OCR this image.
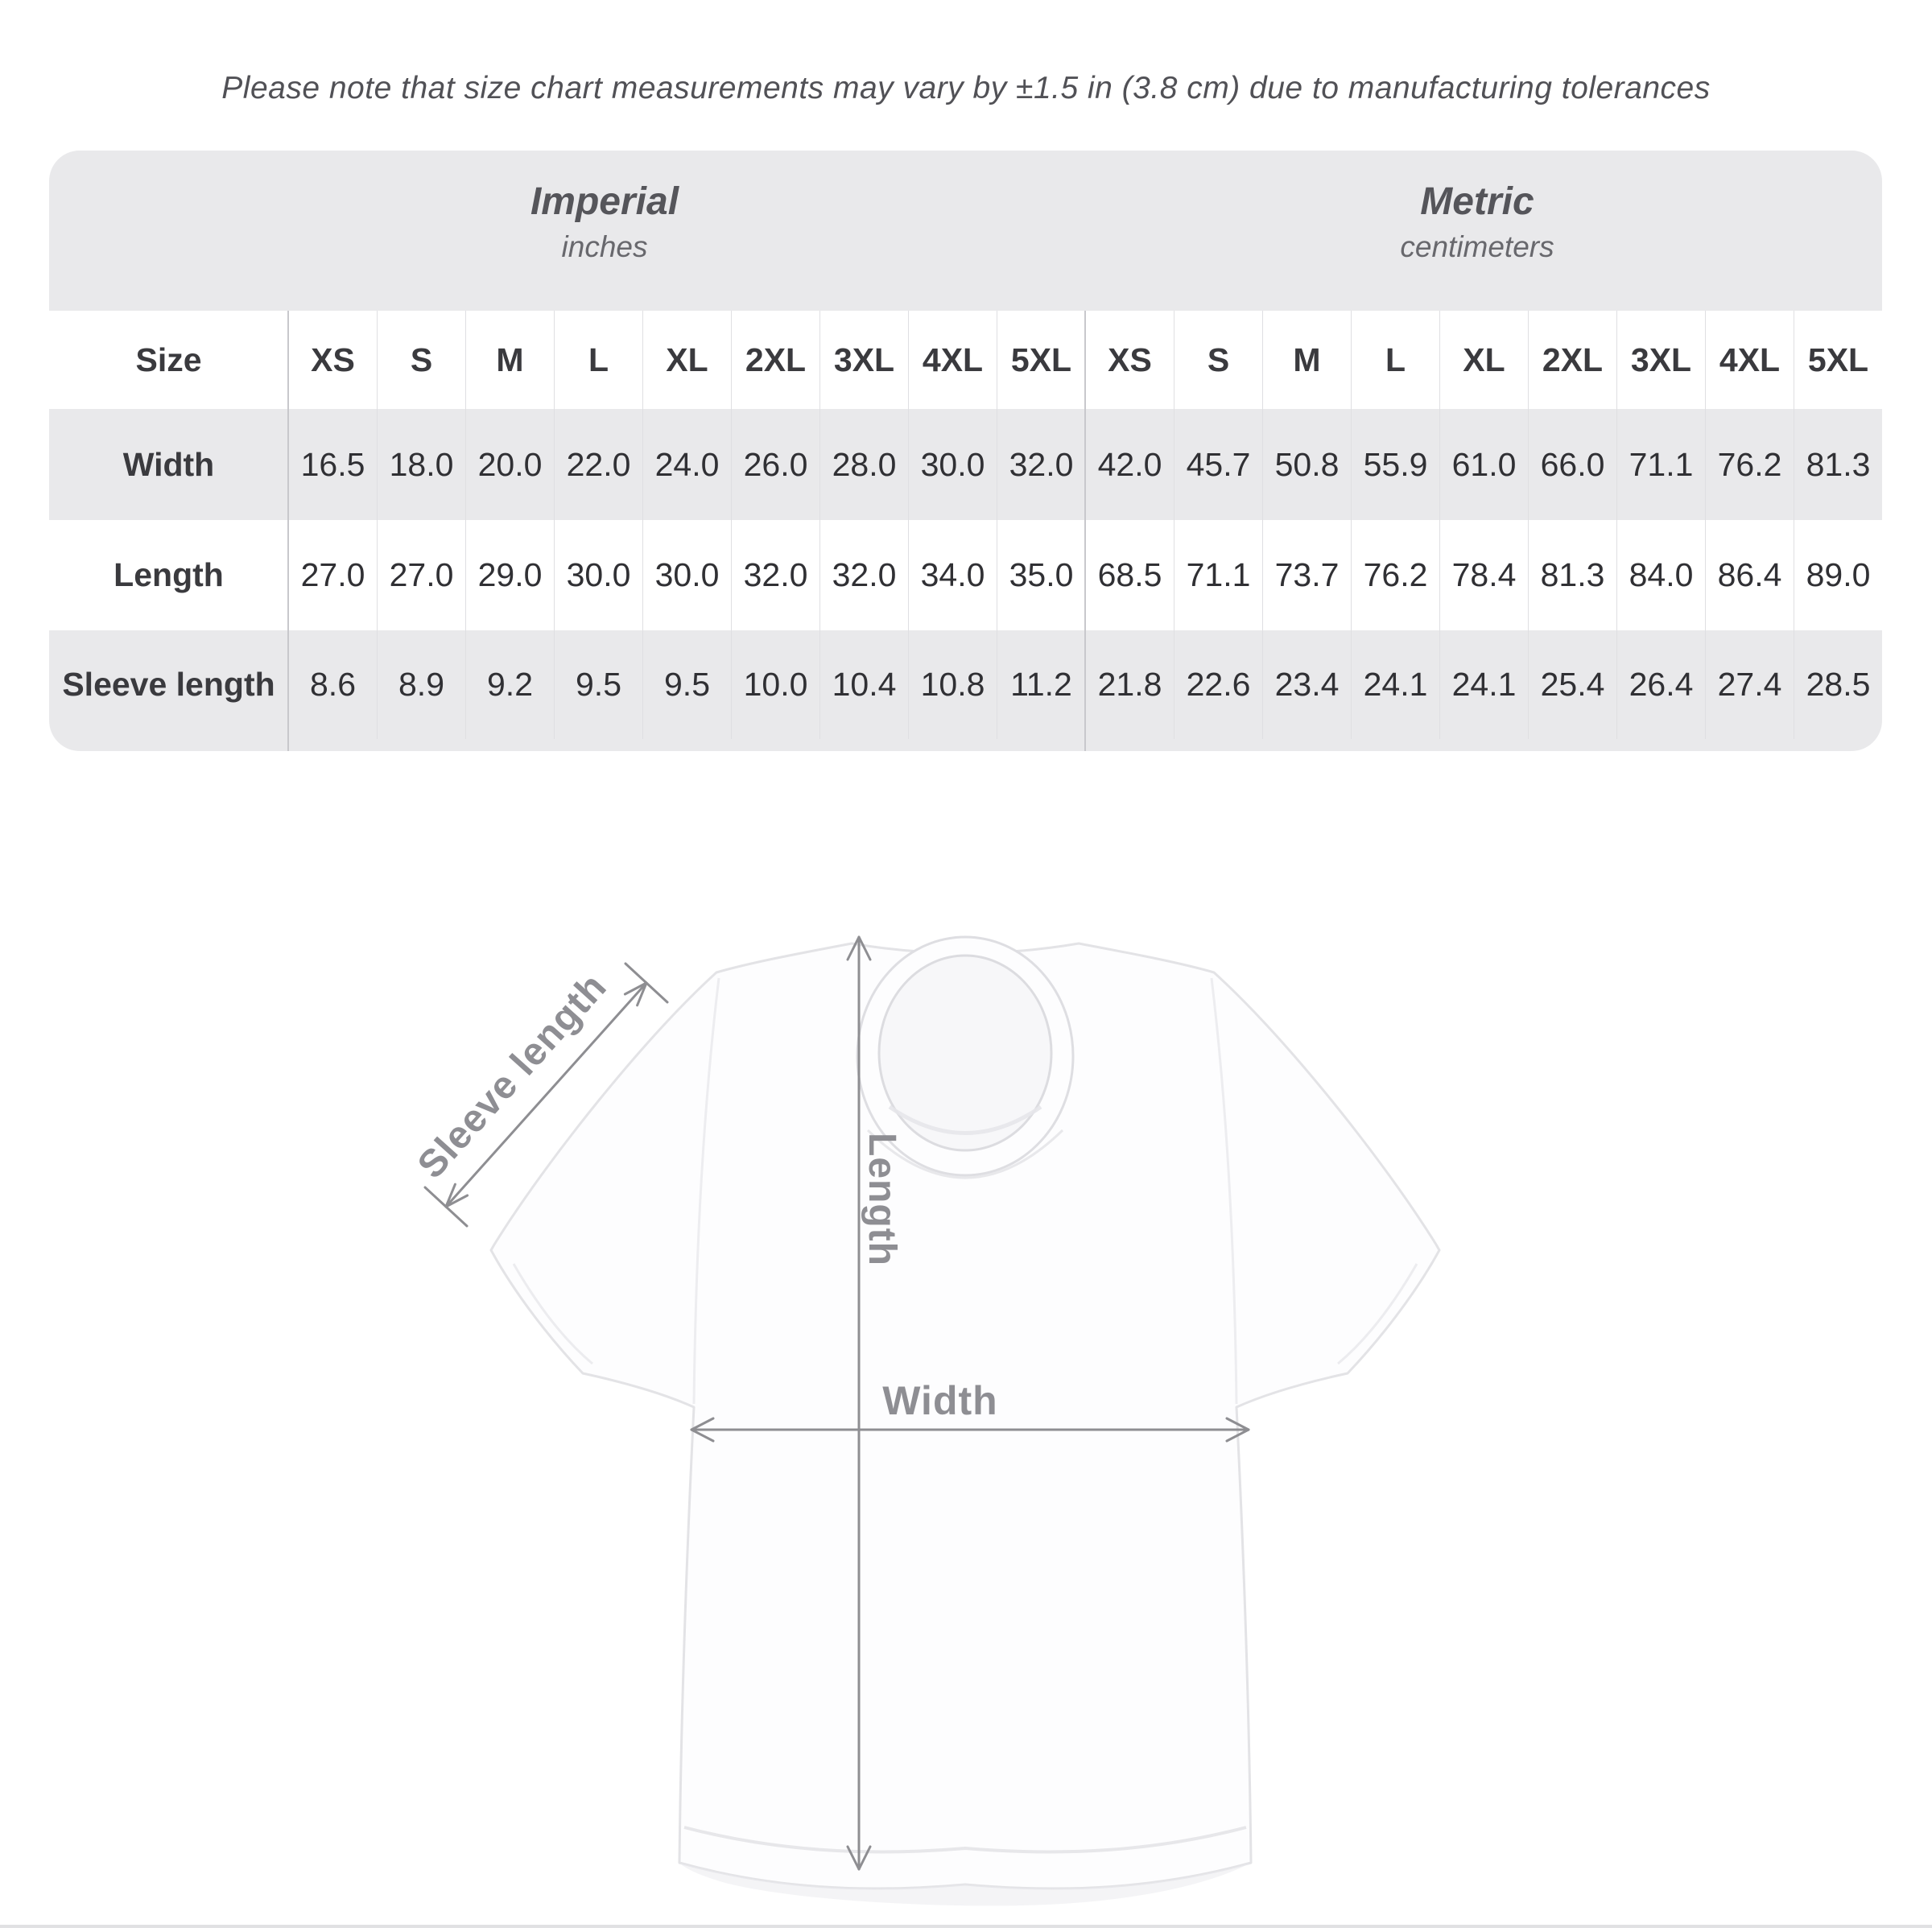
Please note that size chart measurements may vary by ±1.5 in (3.8 cm) due to manufacturing tolerances
Imperial
inches
Metric
centimeters
Size	XS	S	M	L	XL	2XL 3XL 4XL 5XL	XS	S	M	L	XL	2XL 3XL 4XL 5XL
Width	16.5 18.0 20.0 22.0 24.0 26.0 28.0 30.0 32.0 42.0 45.7 50.8 55.9 61.0 66.0 71.1 76.2 81.3
Length	27.0 27.0 29.0 30.0 30.0 32.0 32.0 34.0 35.0 68.5 71.1 73.7 76.2 78.4 81.3 84.0 86.4 89.0
Sleeve length	8.6	8.9	9.2	9.5	9.5	10.0 10.4 10.8 11.2 21.8 22.6 23.4 24.1 24.1 25.4 26.4 27.4 28.5
Sleeve length
Length
Width
